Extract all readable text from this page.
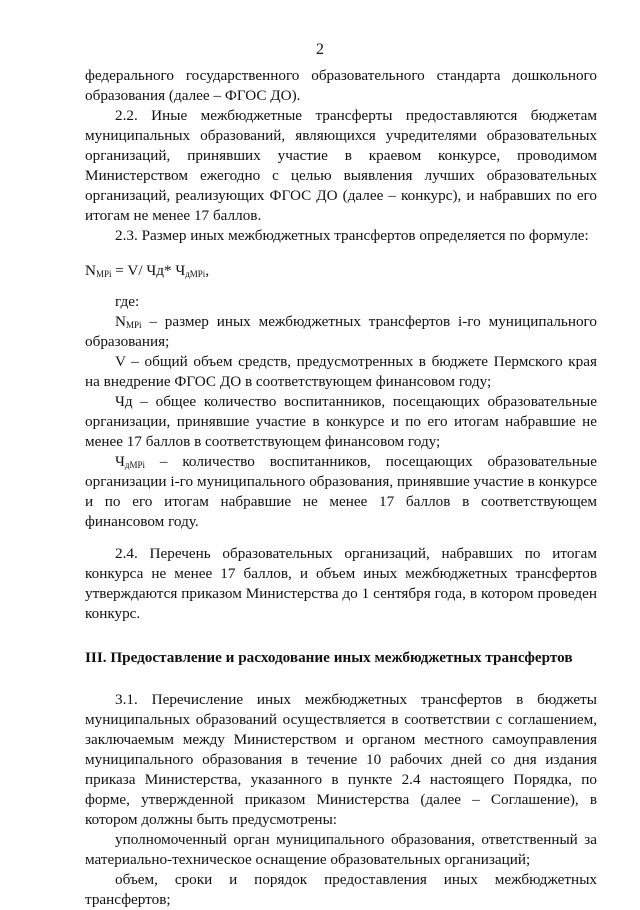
2

федерального государственного образовательного стандарта дошкольного образования (далее – ФГОС ДО).

2.2. Иные межбюджетные трансферты предоставляются бюджетам муниципальных образований, являющихся учредителями образовательных организаций, принявших участие в краевом конкурсе, проводимом Министерством ежегодно с целью выявления лучших образовательных организаций, реализующих ФГОС ДО (далее – конкурс), и набравших по его итогам не менее 17 баллов.

2.3. Размер иных межбюджетных трансфертов определяется по формуле:

$N_{MPi} = V/$ Чд* $Ч_{дMPi}$,

где:

$N_{MPi}$ – размер иных межбюджетных трансфертов i-го муниципального образования;

V – общий объем средств, предусмотренных в бюджете Пермского края на внедрение ФГОС ДО в соответствующем финансовом году;

Чд – общее количество воспитанников, посещающих образовательные организации, принявшие участие в конкурсе и по его итогам набравшие не менее 17 баллов в соответствующем финансовом году;

$Ч_{дMPi}$ – количество воспитанников, посещающих образовательные организации i-го муниципального образования, принявшие участие в конкурсе и по его итогам набравшие не менее 17 баллов в соответствующем финансовом году.

2.4. Перечень образовательных организаций, набравших по итогам конкурса не менее 17 баллов, и объем иных межбюджетных трансфертов утверждаются приказом Министерства до 1 сентября года, в котором проведен конкурс.

III. Предоставление и расходование иных межбюджетных трансфертов

3.1. Перечисление иных межбюджетных трансфертов в бюджеты муниципальных образований осуществляется в соответствии с соглашением, заключаемым между Министерством и органом местного самоуправления муниципального образования в течение 10 рабочих дней со дня издания приказа Министерства, указанного в пункте 2.4 настоящего Порядка, по форме, утвержденной приказом Министерства (далее – Соглашение), в котором должны быть предусмотрены:

уполномоченный орган муниципального образования, ответственный за материально-техническое оснащение образовательных организаций;

объем, сроки и порядок предоставления иных межбюджетных трансфертов;
